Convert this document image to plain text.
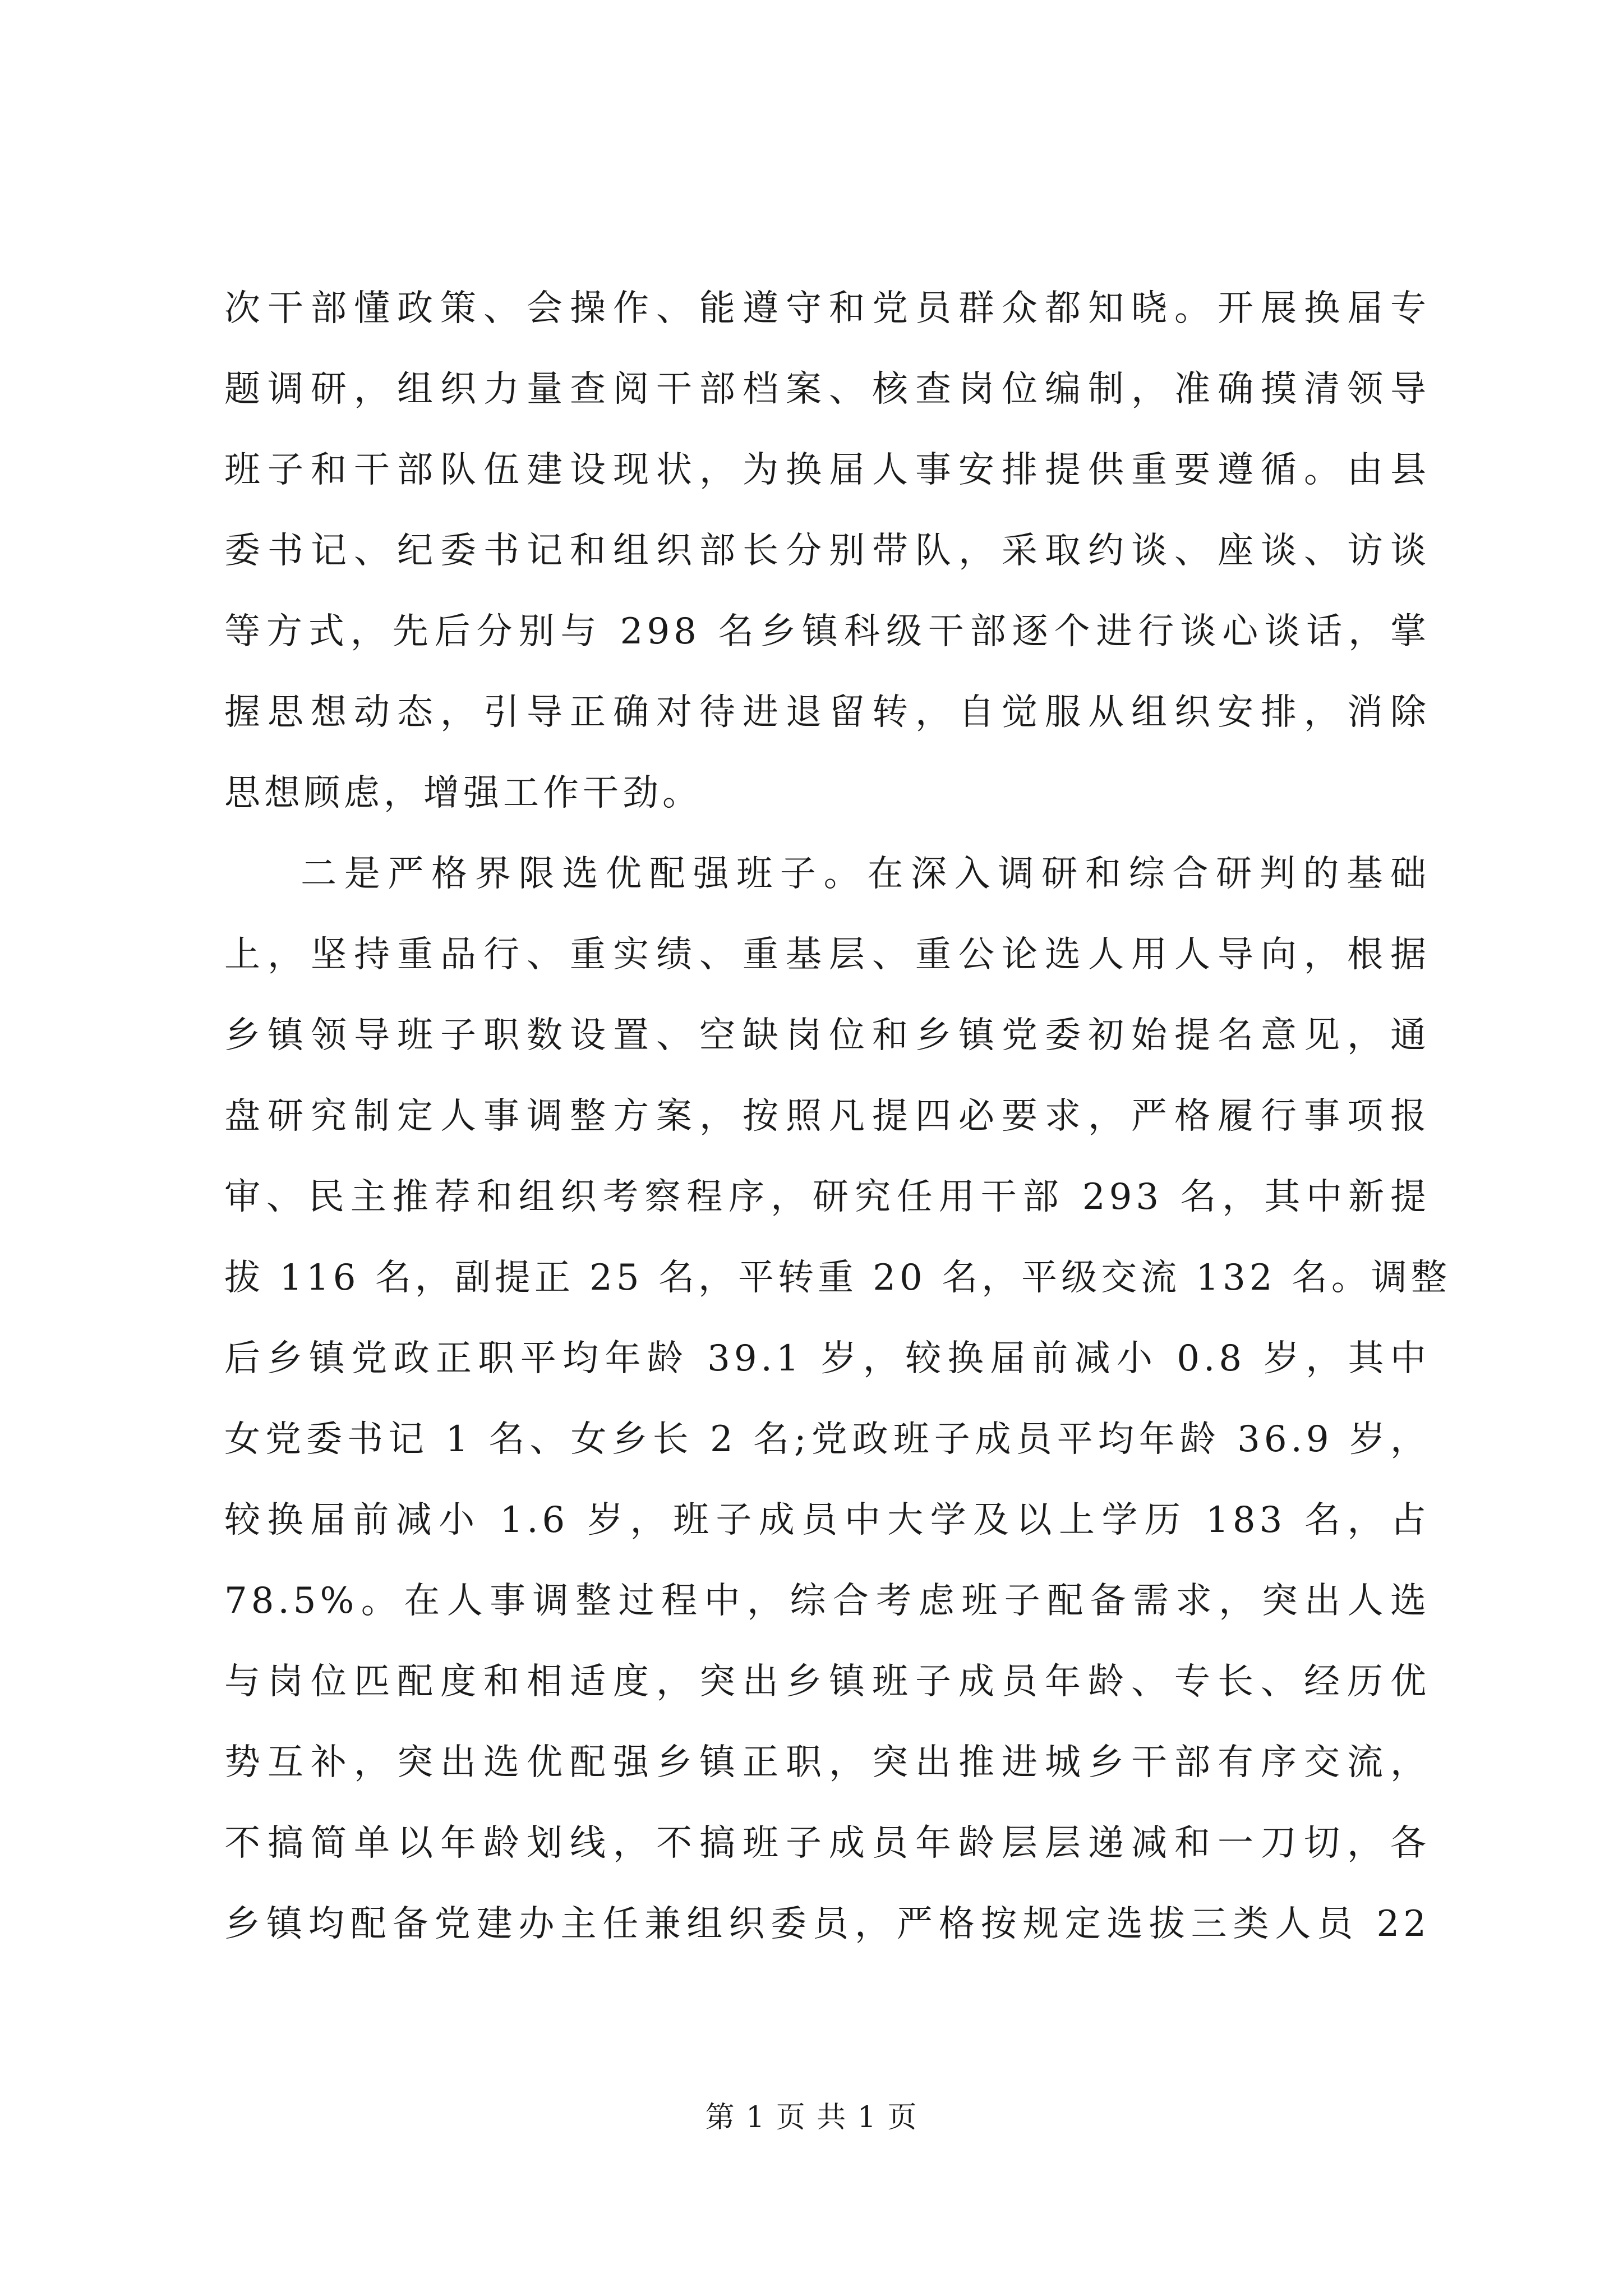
次干部懂政策、会操作、能遵守和党员群众都知晓。开展换届专
题调研，组织力量查阅干部档案、核查岗位编制，准确摸清领导
班子和干部队伍建设现状，为换届人事安排提供重要遵循。由县
委书记、纪委书记和组织部长分别带队，采取约谈、座谈、访谈
等方式，先后分别与 298 名乡镇科级干部逐个进行谈心谈话，掌
握思想动态，引导正确对待进退留转，自觉服从组织安排，消除
思想顾虑，增强工作干劲。
二是严格界限选优配强班子。在深入调研和综合研判的基础
上，坚持重品行、重实绩、重基层、重公论选人用人导向，根据
乡镇领导班子职数设置、空缺岗位和乡镇党委初始提名意见，通
盘研究制定人事调整方案，按照凡提四必要求，严格履行事项报
审、民主推荐和组织考察程序，研究任用干部 293 名，其中新提
拔 116 名，副提正 25 名，平转重 20 名，平级交流 132 名。调整
后乡镇党政正职平均年龄 39.1 岁，较换届前减小 0.8 岁，其中
女党委书记 1 名、女乡长 2 名;党政班子成员平均年龄 36.9 岁，
较换届前减小 1.6 岁，班子成员中大学及以上学历 183 名，占
78.5%。在人事调整过程中，综合考虑班子配备需求，突出人选
与岗位匹配度和相适度，突出乡镇班子成员年龄、专长、经历优
势互补，突出选优配强乡镇正职，突出推进城乡干部有序交流，
不搞简单以年龄划线，不搞班子成员年龄层层递减和一刀切，各
乡镇均配备党建办主任兼组织委员，严格按规定选拔三类人员 22
第 1 页 共 1 页
